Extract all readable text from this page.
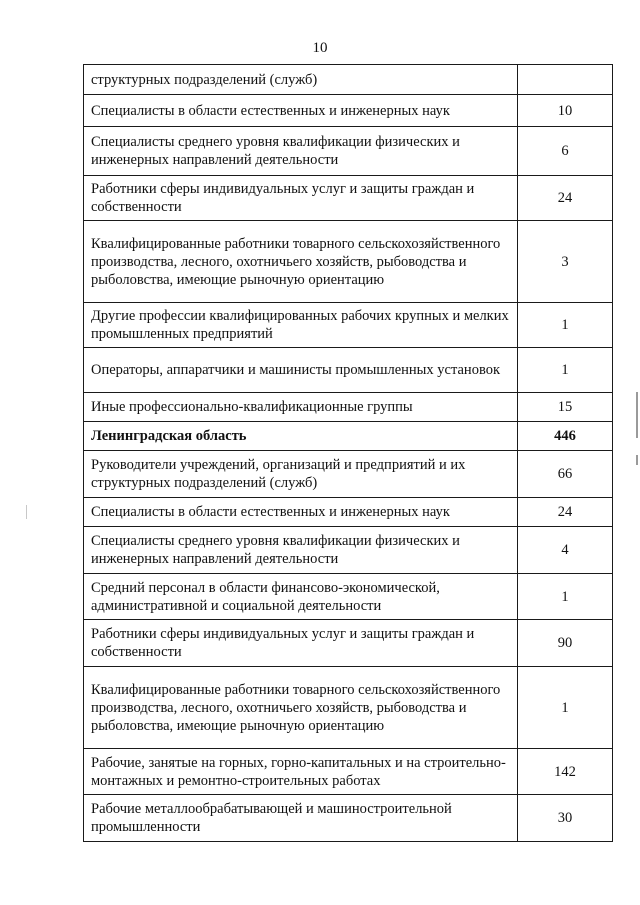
10
структурных подразделений (служб)	
Специалисты в области естественных и инженерных наук	10
Специалисты среднего уровня квалификации физических и инженерных направлений деятельности	6
Работники сферы индивидуальных услуг и защиты граждан и собственности	24
Квалифицированные работники товарного сельскохозяйственного производства, лесного, охотничьего хозяйств, рыбоводства и рыболовства, имеющие рыночную ориентацию	3
Другие профессии квалифицированных рабочих крупных и мелких промышленных предприятий	1
Операторы, аппаратчики и машинисты промышленных установок	1
Иные профессионально-квалификационные группы	15
Ленинградская область	446
Руководители учреждений, организаций и предприятий и их структурных подразделений (служб)	66
Специалисты в области естественных и инженерных наук	24
Специалисты среднего уровня квалификации физических и инженерных направлений деятельности	4
Средний персонал в области финансово-экономической, административной и социальной деятельности	1
Работники сферы индивидуальных услуг и защиты граждан и собственности	90
Квалифицированные работники товарного сельскохозяйственного производства, лесного, охотничьего хозяйств, рыбоводства и рыболовства, имеющие рыночную ориентацию	1
Рабочие, занятые на горных, горно-капитальных и на строительно-монтажных и ремонтно-строительных работах	142
Рабочие металлообрабатывающей и машиностроительной промышленности	30
